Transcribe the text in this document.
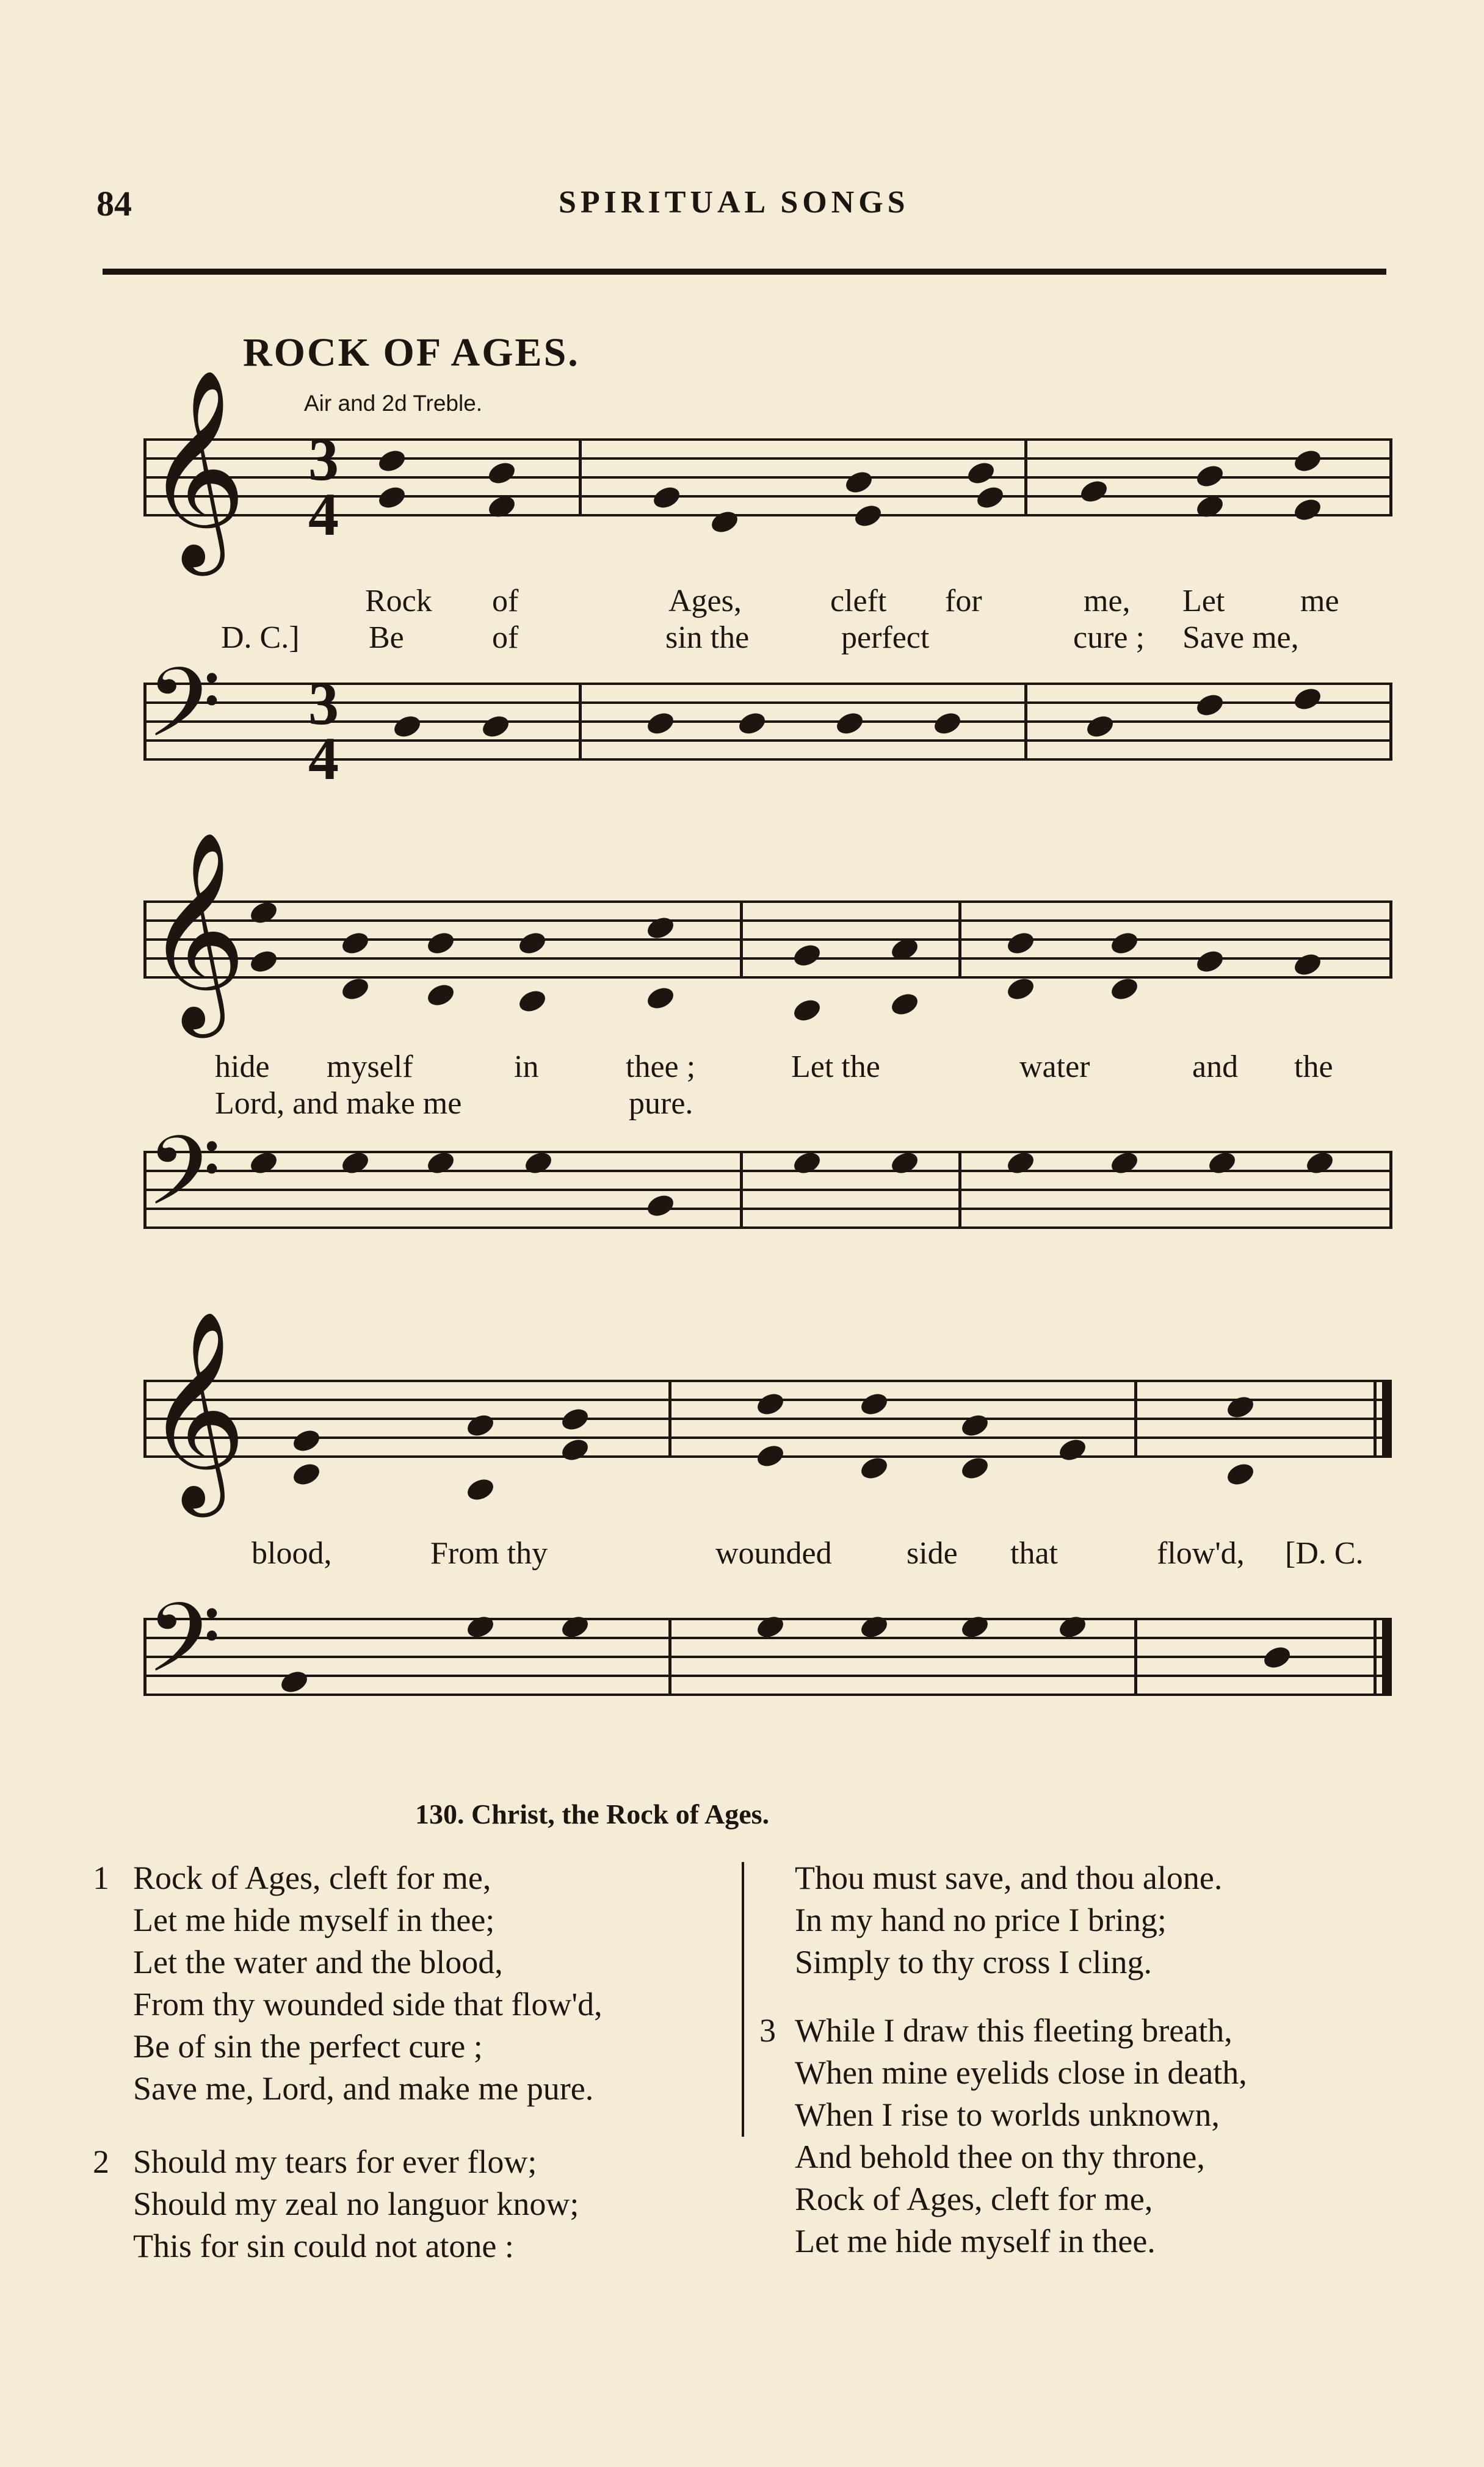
84	SPIRITUAL SONGS
ROCK OF AGES.
Air and 2d Treble.
𝄞 3
4
𝄢 3
4
𝄞
𝄢
𝄞
𝄢
Rock of	Ages,	cleft for	me, Let me
D. C.] Be	of	sin the	perfect	cure ; Save me,
hide myself	in	thee ;	Let the	water	and the
Lord, and make me	pure.
blood,	From thy	wounded side that	flow'd, [D. C.
130. Christ, the Rock of Ages.
1 Rock of Ages, cleft for me,
Let me hide myself in thee;
Let the water and the blood,
From thy wounded side that flow'd,
Be of sin the perfect cure ;
Save me, Lord, and make me pure.
2 Should my tears for ever flow;
Should my zeal no languor know;
This for sin could not atone :
Thou must save, and thou alone.
In my hand no price I bring;
Simply to thy cross I cling.
3 While I draw this fleeting breath,
When mine eyelids close in death,
When I rise to worlds unknown,
And behold thee on thy throne,
Rock of Ages, cleft for me,
Let me hide myself in thee.
